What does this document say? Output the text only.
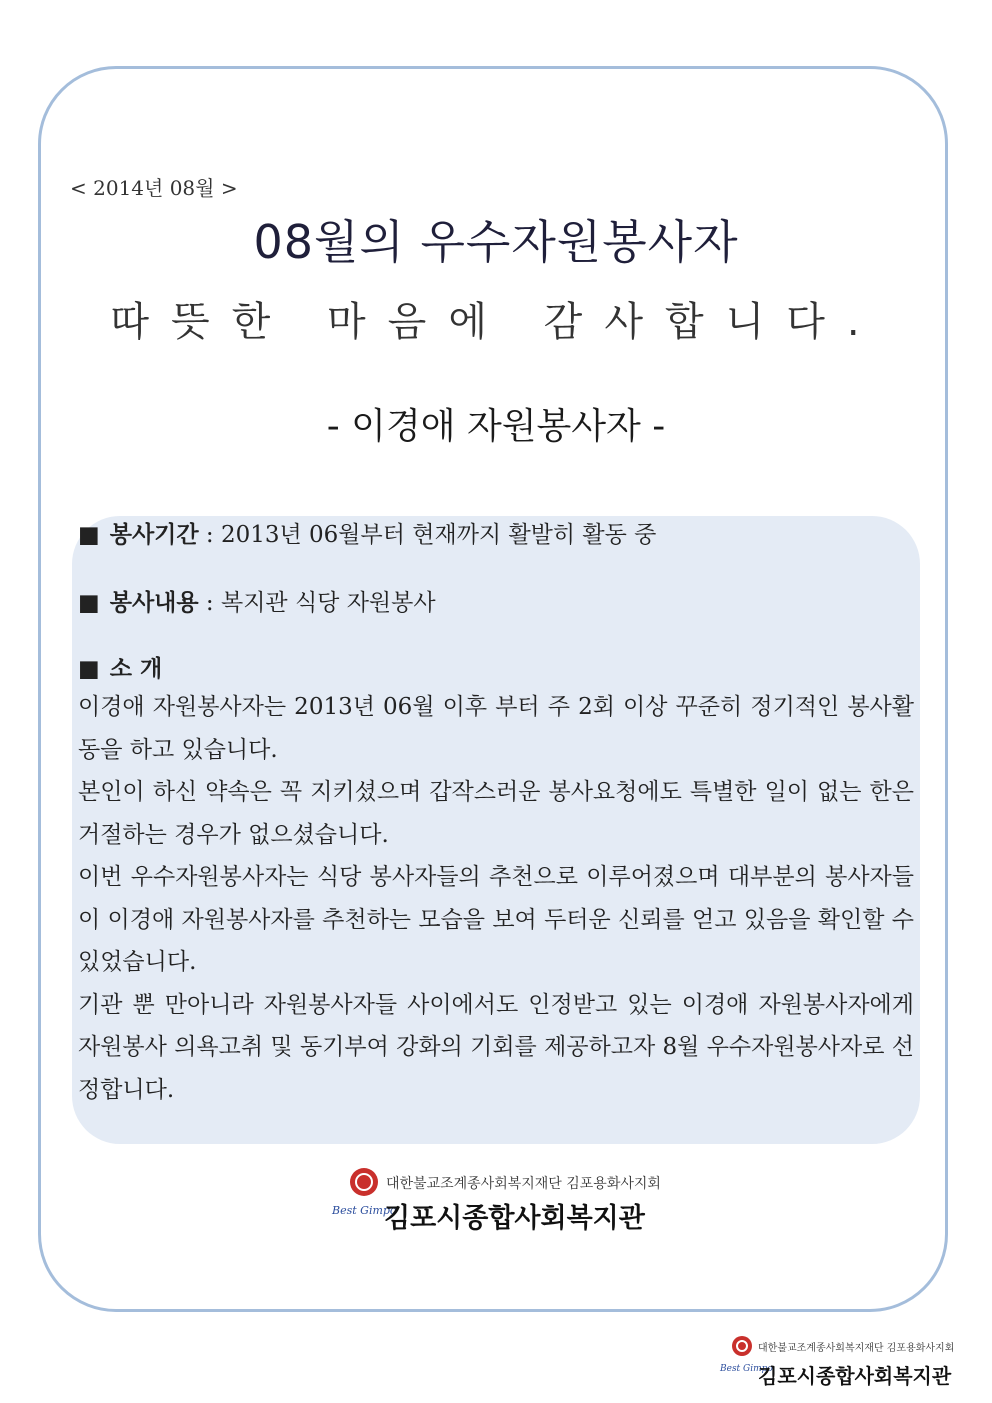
< 2014년 08월 >
08월의 우수자원봉사자
따뜻한 마음에 감사합니다.
- 이경애 자원봉사자 -
■ 봉사기간 : 2013년 06월부터 현재까지 활발히 활동 중
■ 봉사내용 : 복지관 식당 자원봉사
■ 소 개

이경애 자원봉사자는 2013년 06월 이후 부터 주 2회 이상 꾸준히 정기적인 봉사활동을 하고 있습니다.

본인이 하신 약속은 꼭 지키셨으며 갑작스러운 봉사요청에도 특별한 일이 없는 한은 거절하는 경우가 없으셨습니다.

이번 우수자원봉사자는 식당 봉사자들의 추천으로 이루어졌으며 대부분의 봉사자들이 이경애 자원봉사자를 추천하는 모습을 보여 두터운 신뢰를 얻고 있음을 확인할 수 있었습니다.

기관 뿐 만아니라 자원봉사자들 사이에서도 인정받고 있는 이경애 자원봉사자에게 자원봉사 의욕고취 및 동기부여 강화의 기회를 제공하고자 8월 우수자원봉사자로 선정합니다.

대한불교조계종사회복지재단 김포용화사지회
Best Gimpo
김포시종합사회복지관
대한불교조계종사회복지재단 김포용화사지회
Best Gimpo
김포시종합사회복지관
